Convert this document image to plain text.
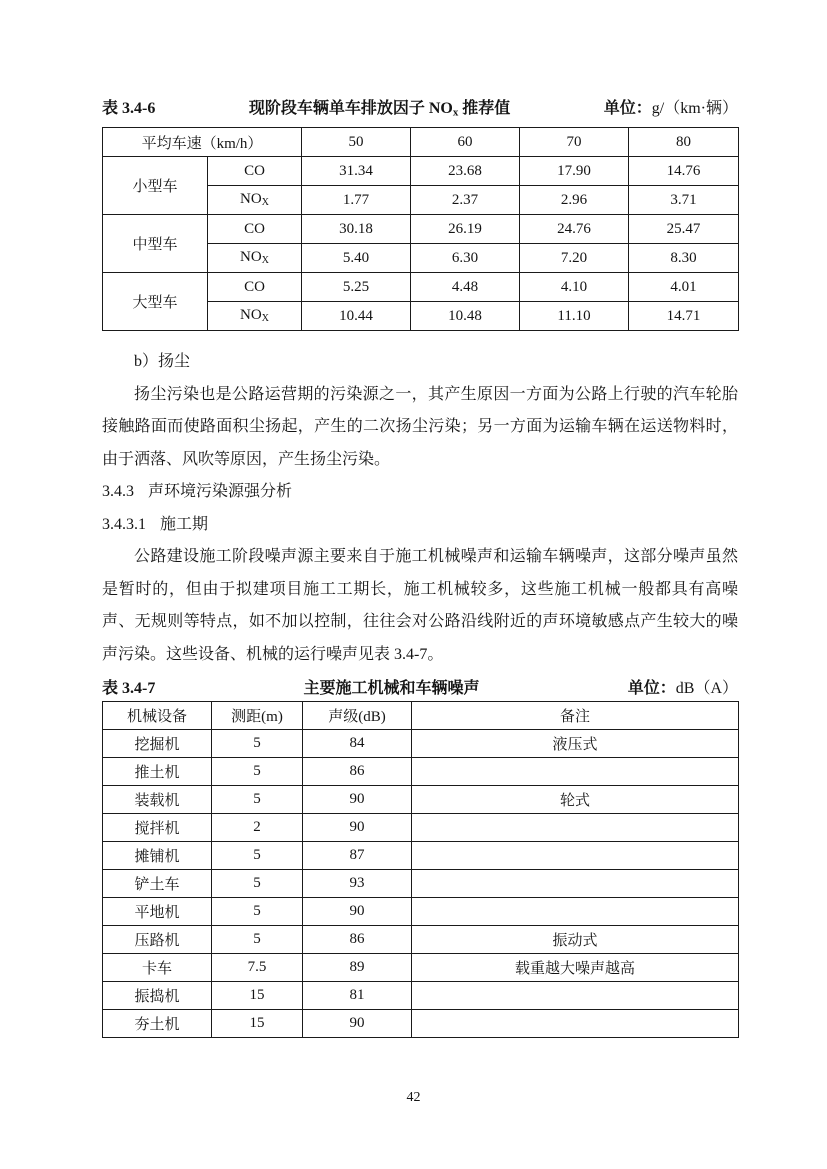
表 3.4-6	现阶段车辆单车排放因子 $NO_x$ 推荐值	单位：g/（km·辆）
平均车速（km/h）		50	60	70	80
小型车	CO	31.34	23.68	17.90	14.76
	$NO_X$	1.77	2.37	2.96	3.71
中型车	CO	30.18	26.19	24.76	25.47
	$NO_X$	5.40	6.30	7.20	8.30
大型车	CO	5.25	4.48	4.10	4.01
	$NO_X$	10.44	10.48	11.10	14.71

b）扬尘

扬尘污染也是公路运营期的污染源之一，其产生原因一方面为公路上行驶的汽车轮胎接触路面而使路面积尘扬起，产生的二次扬尘污染；另一方面为运输车辆在运送物料时，由于洒落、风吹等原因，产生扬尘污染。

3.4.3 声环境污染源强分析

3.4.3.1 施工期

公路建设施工阶段噪声源主要来自于施工机械噪声和运输车辆噪声，这部分噪声虽然是暂时的，但由于拟建项目施工工期长，施工机械较多，这些施工机械一般都具有高噪声、无规则等特点，如不加以控制，往往会对公路沿线附近的声环境敏感点产生较大的噪声污染。这些设备、机械的运行噪声见表 3.4-7。

表 3.4-7	主要施工机械和车辆噪声	单位：dB（A）
机械设备	测距(m)	声级(dB)	备注
挖掘机	5	84	液压式
推土机	5	86	
装载机	5	90	轮式
搅拌机	2	90	
摊铺机	5	87	
铲土车	5	93	
平地机	5	90	
压路机	5	86	振动式
卡车	7.5	89	载重越大噪声越高
振捣机	15	81	
夯土机	15	90	
42
